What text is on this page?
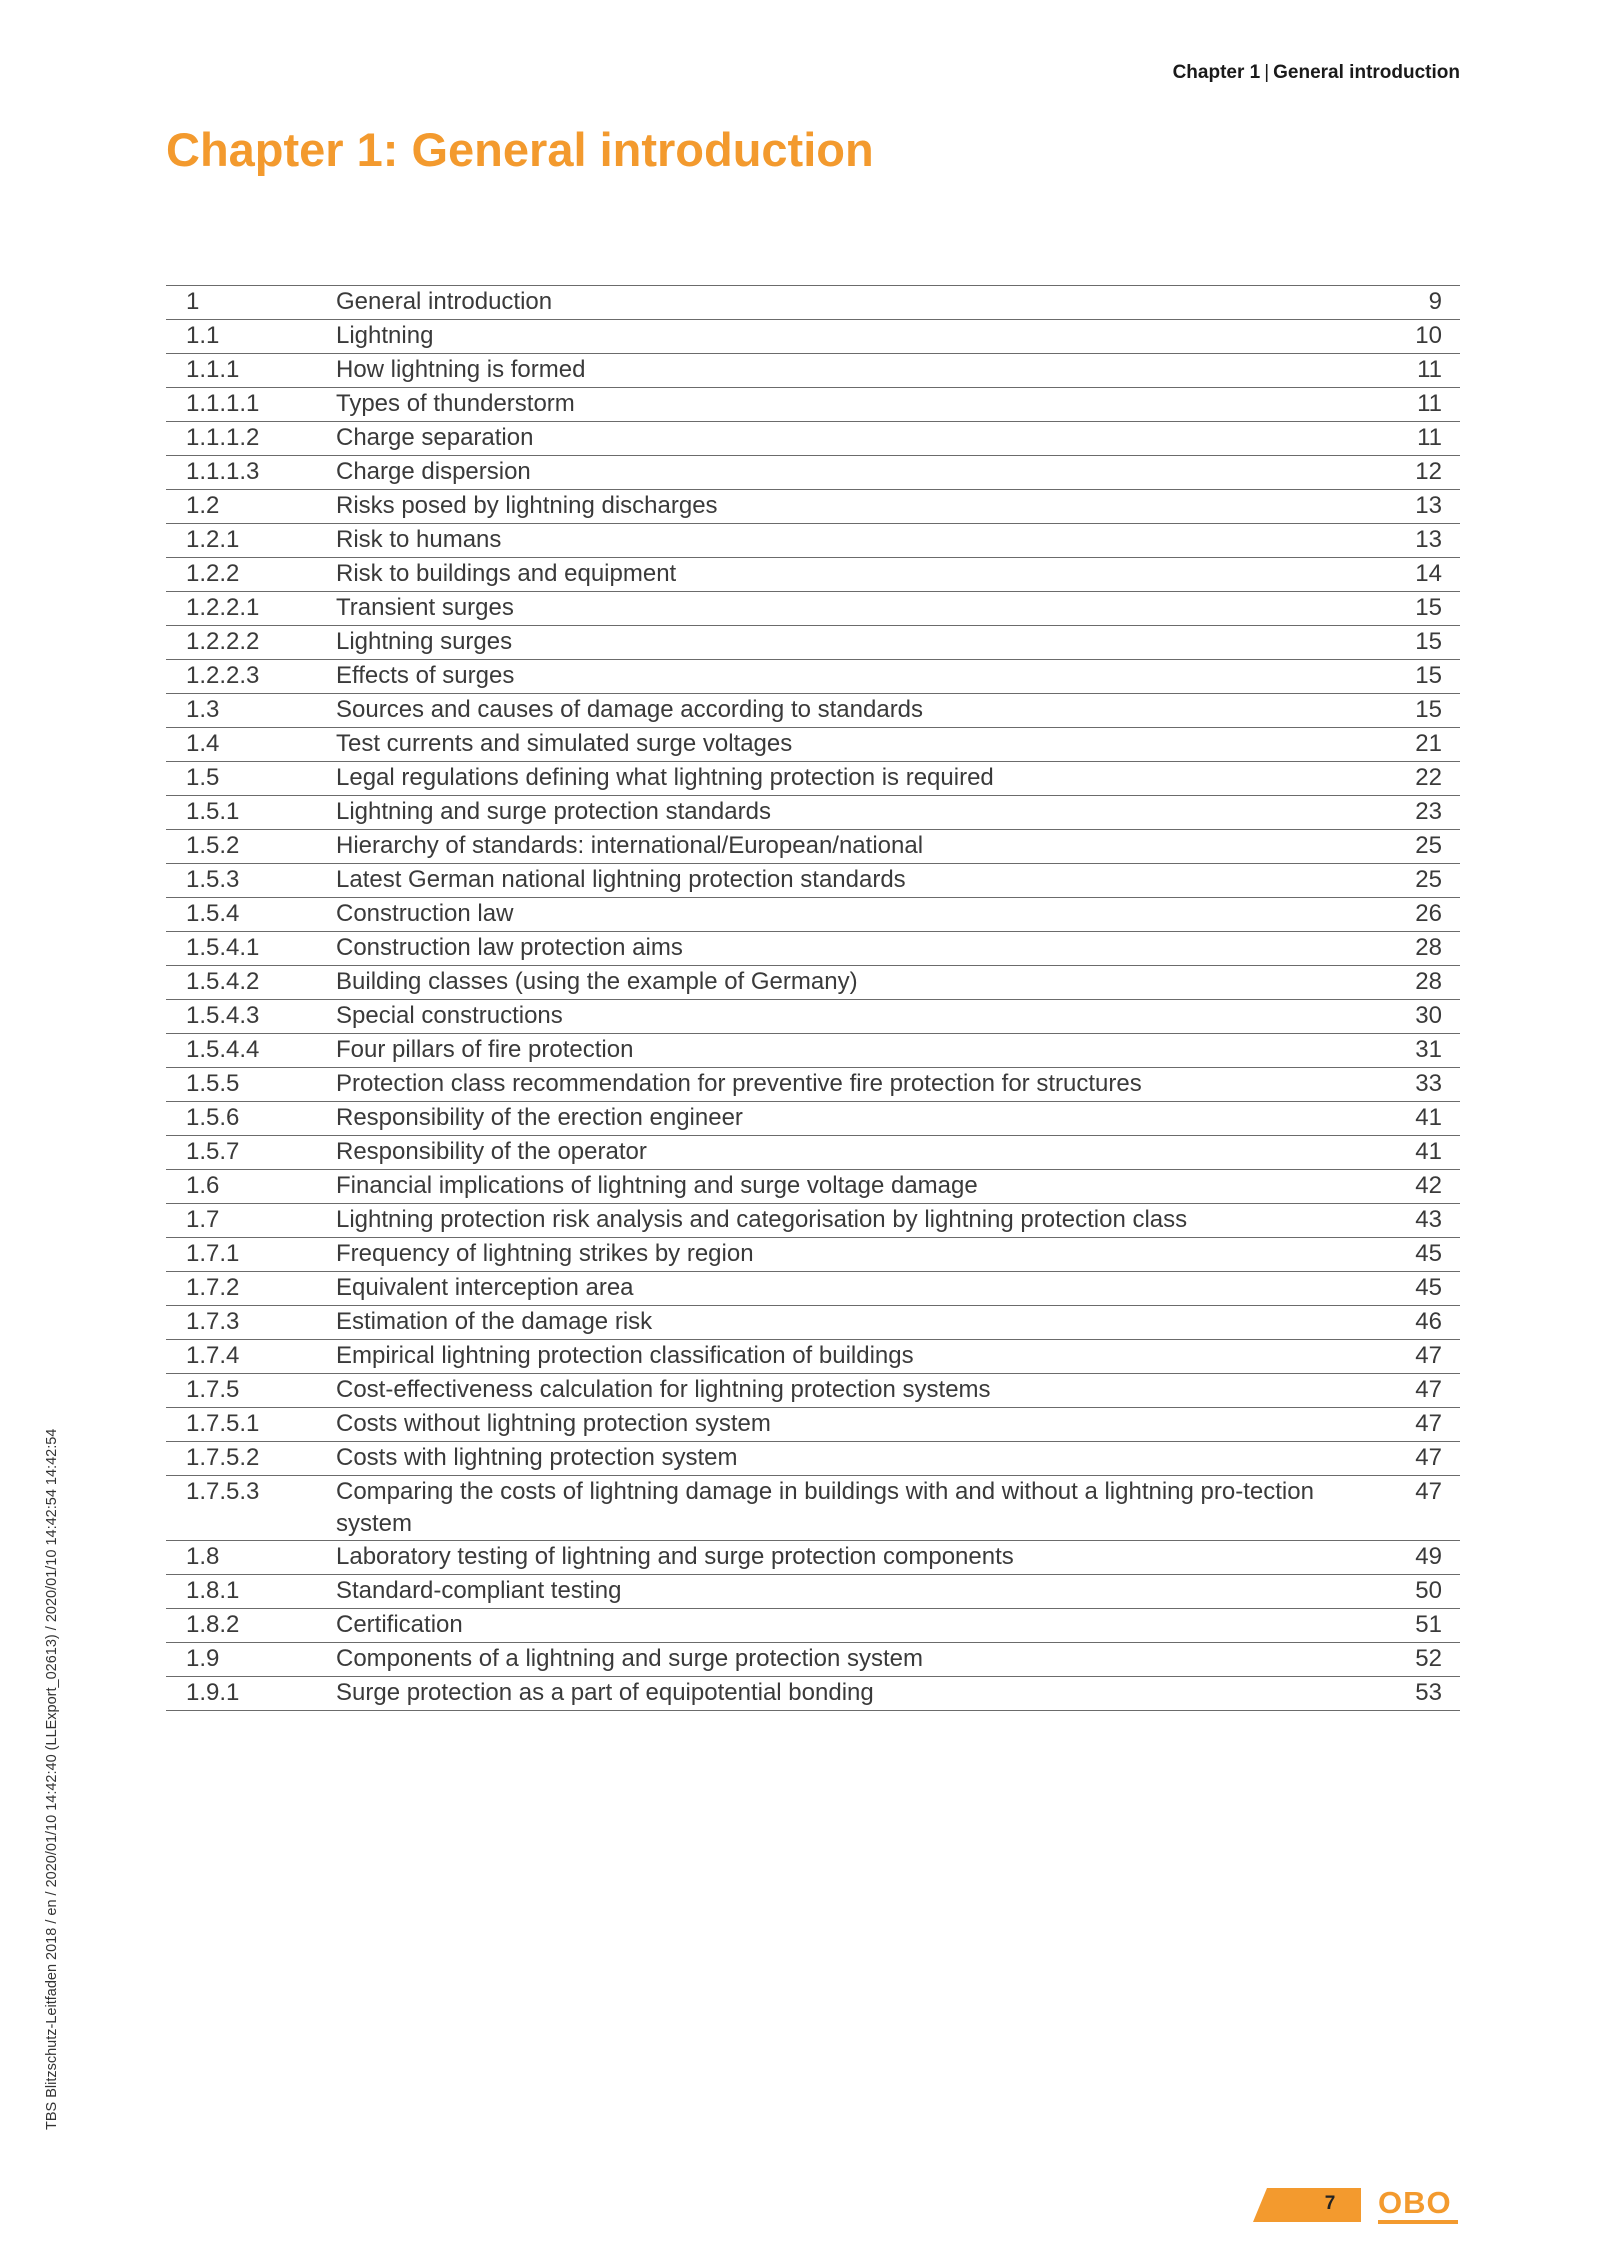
Chapter 1 | General introduction
Chapter 1: General introduction
1	General introduction	9
1.1	Lightning	10
1.1.1	How lightning is formed	11
1.1.1.1	Types of thunderstorm	11
1.1.1.2	Charge separation	11
1.1.1.3	Charge dispersion	12
1.2	Risks posed by lightning discharges	13
1.2.1	Risk to humans	13
1.2.2	Risk to buildings and equipment	14
1.2.2.1	Transient surges	15
1.2.2.2	Lightning surges	15
1.2.2.3	Effects of surges	15
1.3	Sources and causes of damage according to standards	15
1.4	Test currents and simulated surge voltages	21
1.5	Legal regulations defining what lightning protection is required	22
1.5.1	Lightning and surge protection standards	23
1.5.2	Hierarchy of standards: international/European/national	25
1.5.3	Latest German national lightning protection standards	25
1.5.4	Construction law	26
1.5.4.1	Construction law protection aims	28
1.5.4.2	Building classes (using the example of Germany)	28
1.5.4.3	Special constructions	30
1.5.4.4	Four pillars of fire protection	31
1.5.5	Protection class recommendation for preventive fire protection for structures	33
1.5.6	Responsibility of the erection engineer	41
1.5.7	Responsibility of the operator	41
1.6	Financial implications of lightning and surge voltage damage	42
1.7	Lightning protection risk analysis and categorisation by lightning protection class	43
1.7.1	Frequency of lightning strikes by region	45
1.7.2	Equivalent interception area	45
1.7.3	Estimation of the damage risk	46
1.7.4	Empirical lightning protection classification of buildings	47
1.7.5	Cost-effectiveness calculation for lightning protection systems	47
1.7.5.1	Costs without lightning protection system	47
1.7.5.2	Costs with lightning protection system	47
1.7.5.3	Comparing the costs of lightning damage in buildings with and without a lightning pro-tection system	47
1.8	Laboratory testing of lightning and surge protection components	49
1.8.1	Standard-compliant testing	50
1.8.2	Certification	51
1.9	Components of a lightning and surge protection system	52
1.9.1	Surge protection as a part of equipotential bonding	53
TBS Blitzschutz-Leitfaden 2018 / en / 2020/01/10 14:42:40 (LLExport_02613) / 2020/01/10 14:42:54 14:42:54
7	OBO
